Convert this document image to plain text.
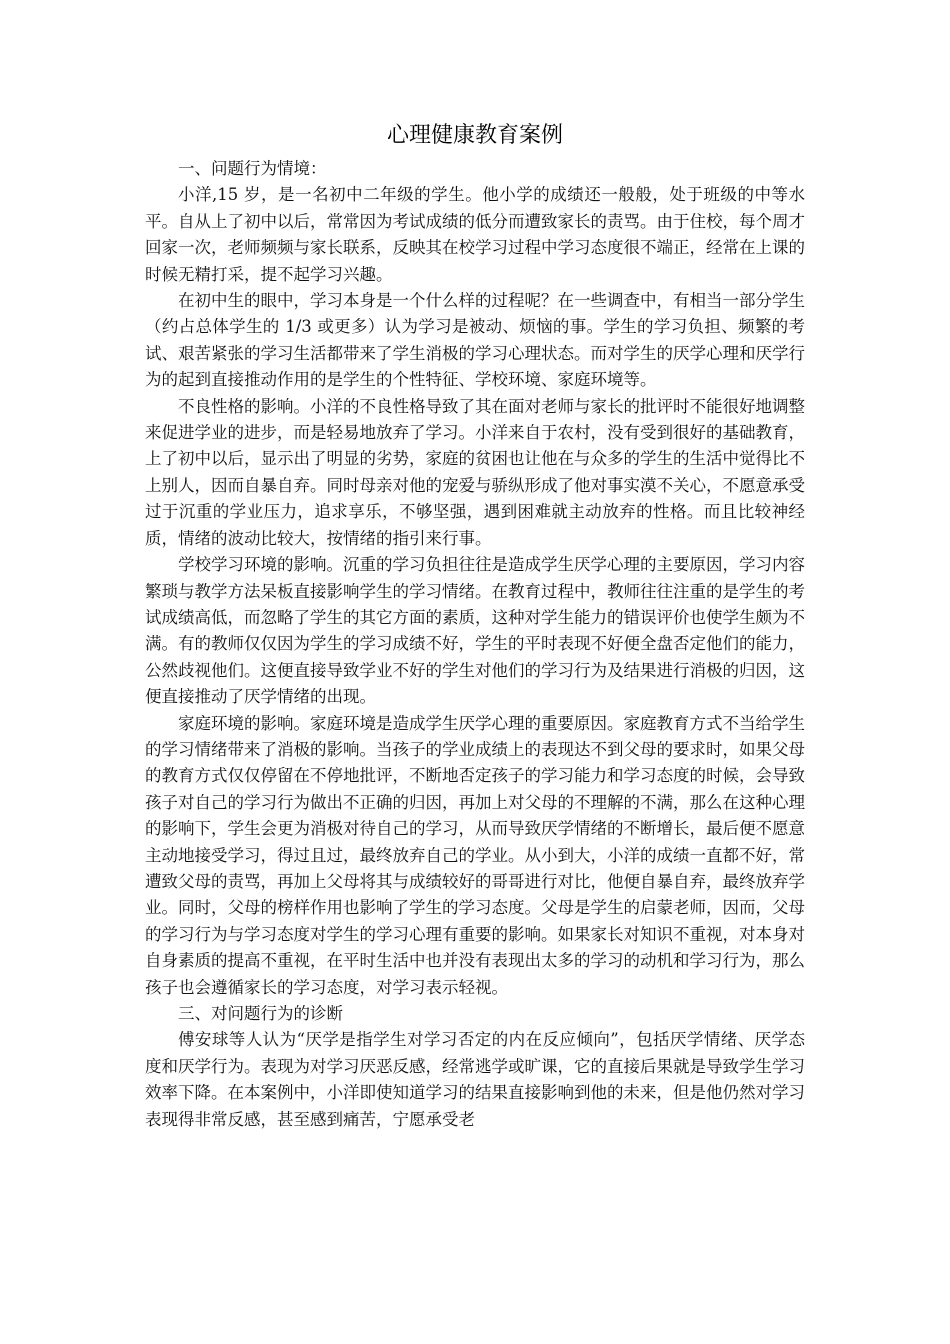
心理健康教育案例

一、问题行为情境：

小洋,15 岁，是一名初中二年级的学生。他小学的成绩还一般般，处于班级的中等水平。自从上了初中以后，常常因为考试成绩的低分而遭致家长的责骂。由于住校，每个周才回家一次，老师频频与家长联系，反映其在校学习过程中学习态度很不端正，经常在上课的时候无精打采，提不起学习兴趣。

在初中生的眼中，学习本身是一个什么样的过程呢？在一些调查中，有相当一部分学生（约占总体学生的 1/3 或更多）认为学习是被动、烦恼的事。学生的学习负担、频繁的考试、艰苦紧张的学习生活都带来了学生消极的学习心理状态。而对学生的厌学心理和厌学行为的起到直接推动作用的是学生的个性特征、学校环境、家庭环境等。

不良性格的影响。小洋的不良性格导致了其在面对老师与家长的批评时不能很好地调整来促进学业的进步，而是轻易地放弃了学习。小洋来自于农村，没有受到很好的基础教育，上了初中以后，显示出了明显的劣势，家庭的贫困也让他在与众多的学生的生活中觉得比不上别人，因而自暴自弃。同时母亲对他的宠爱与骄纵形成了他对事实漠不关心，不愿意承受过于沉重的学业压力，追求享乐，不够坚强，遇到困难就主动放弃的性格。而且比较神经质，情绪的波动比较大，按情绪的指引来行事。

学校学习环境的影响。沉重的学习负担往往是造成学生厌学心理的主要原因，学习内容繁琐与教学方法呆板直接影响学生的学习情绪。在教育过程中，教师往往注重的是学生的考试成绩高低，而忽略了学生的其它方面的素质，这种对学生能力的错误评价也使学生颇为不满。有的教师仅仅因为学生的学习成绩不好，学生的平时表现不好便全盘否定他们的能力，公然歧视他们。这便直接导致学业不好的学生对他们的学习行为及结果进行消极的归因，这便直接推动了厌学情绪的出现。

家庭环境的影响。家庭环境是造成学生厌学心理的重要原因。家庭教育方式不当给学生的学习情绪带来了消极的影响。当孩子的学业成绩上的表现达不到父母的要求时，如果父母的教育方式仅仅停留在不停地批评，不断地否定孩子的学习能力和学习态度的时候，会导致孩子对自己的学习行为做出不正确的归因，再加上对父母的不理解的不满，那么在这种心理的影响下，学生会更为消极对待自己的学习，从而导致厌学情绪的不断增长，最后便不愿意主动地接受学习，得过且过，最终放弃自己的学业。从小到大，小洋的成绩一直都不好，常遭致父母的责骂，再加上父母将其与成绩较好的哥哥进行对比，他便自暴自弃，最终放弃学业。同时，父母的榜样作用也影响了学生的学习态度。父母是学生的启蒙老师，因而，父母的学习行为与学习态度对学生的学习心理有重要的影响。如果家长对知识不重视，对本身对自身素质的提高不重视，在平时生活中也并没有表现出太多的学习的动机和学习行为，那么孩子也会遵循家长的学习态度，对学习表示轻视。

三、对问题行为的诊断

傅安球等人认为“厌学是指学生对学习否定的内在反应倾向”，包括厌学情绪、厌学态度和厌学行为。表现为对学习厌恶反感，经常逃学或旷课，它的直接后果就是导致学生学习效率下降。在本案例中，小洋即使知道学习的结果直接影响到他的未来，但是他仍然对学习表现得非常反感，甚至感到痛苦，宁愿承受老
